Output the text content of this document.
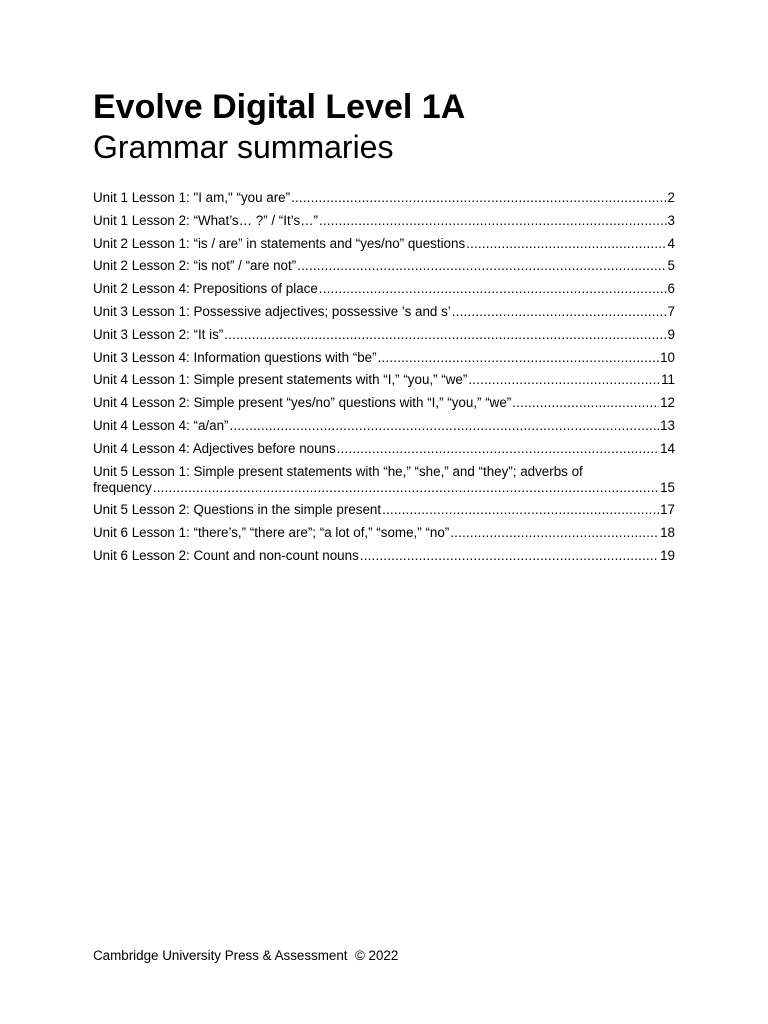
Evolve Digital Level 1A
Grammar summaries
Unit 1 Lesson 1: "I am," “you are” .....	2
Unit 1 Lesson 2: “What’s… ?” / “It’s…” .....	3
Unit 2 Lesson 1: “is / are” in statements and “yes/no” questions .....	4
Unit 2 Lesson 2: “is not” / “are not” .....	5
Unit 2 Lesson 4: Prepositions of place .....	6
Unit 3 Lesson 1: Possessive adjectives; possessive ’s and s’ .....	7
Unit 3 Lesson 2: “It is” .....	9
Unit 3 Lesson 4: Information questions with “be” .....	10
Unit 4 Lesson 1: Simple present statements with “I,” “you,” “we” .....	11
Unit 4 Lesson 2: Simple present “yes/no” questions with “I,” “you,” “we” .....	12
Unit 4 Lesson 4: “a/an” .....	13
Unit 4 Lesson 4: Adjectives before nouns .....	14
Unit 5 Lesson 1: Simple present statements with “he,” “she,” and “they”; adverbs of
frequency .....	15
Unit 5 Lesson 2: Questions in the simple present .....	17
Unit 6 Lesson 1: “there’s,” “there are”; “a lot of,” “some,” “no” .....	18
Unit 6 Lesson 2: Count and non-count nouns .....	19
Cambridge University Press & Assessment  © 2022
